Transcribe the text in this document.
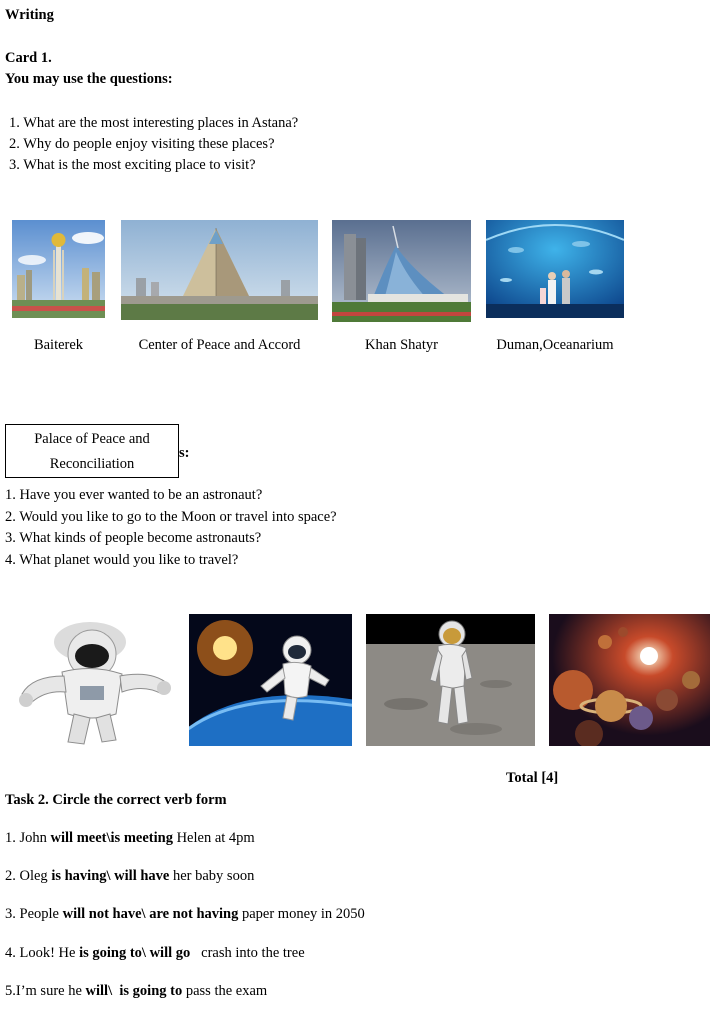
Writing
Card 1.
You may use the questions:
1. What are the most interesting places in Astana?
2. Why do people enjoy visiting these places?
3. What is the most exciting place to visit?
Baiterek	Center of Peace and Accord	Khan Shatyr	Duman,Oceanarium
s:
Palace of Peace and
Reconciliation
1. Have you ever wanted to be an astronaut?
2. Would you like to go to the Moon or travel into space?
3. What kinds of people become astronauts?
4. What planet would you like to travel?
Total [4]
Task 2. Circle the correct verb form
1. John will meet\is meeting Helen at 4pm
2. Oleg is having\ will have her baby soon
3. People will not have\ are not having paper money in 2050
4. Look! He is going to\ will go   crash into the tree
5.I’m sure he will\  is going to pass the exam
